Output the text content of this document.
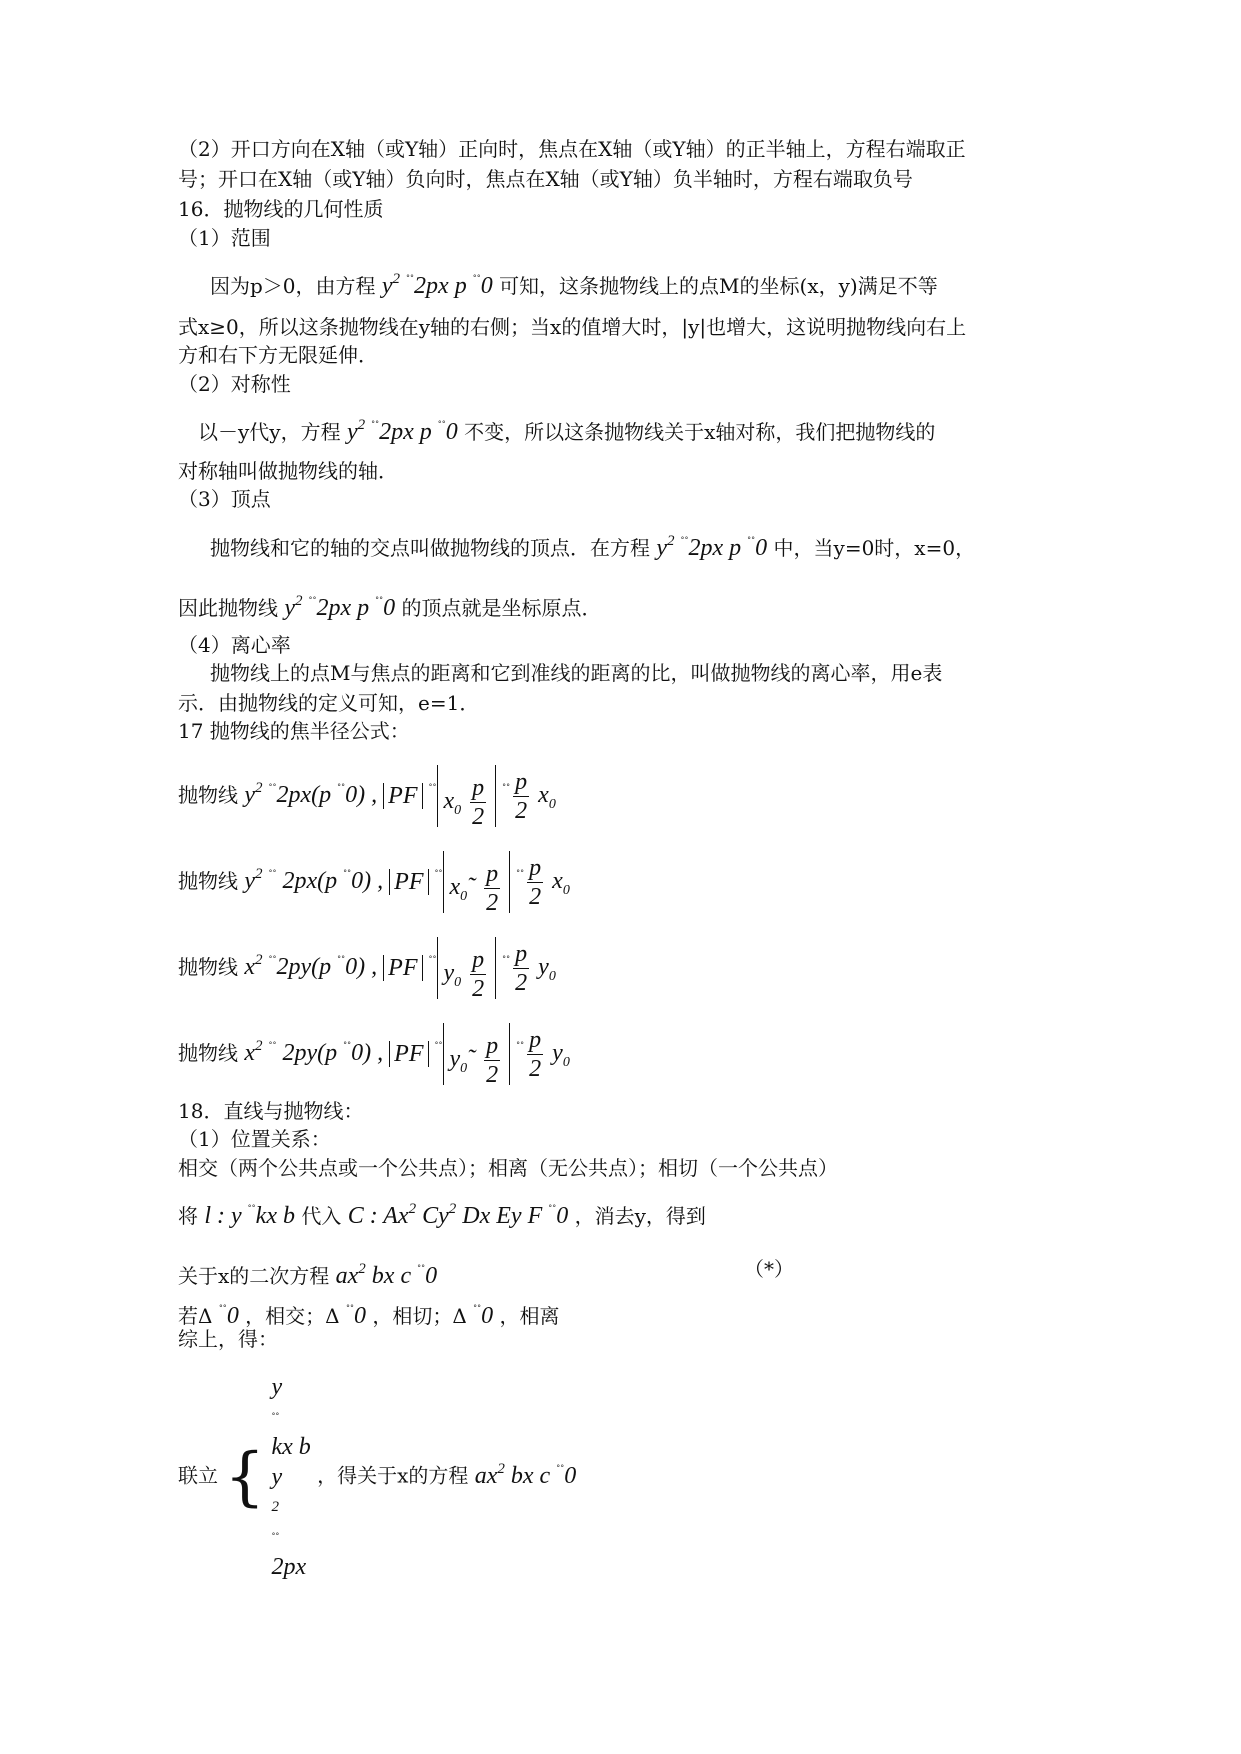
（2）开口方向在X轴（或Y轴）正向时，焦点在X轴（或Y轴）的正半轴上，方程右端取正
号；开口在X轴（或Y轴）负向时，焦点在X轴（或Y轴）负半轴时，方程右端取负号
16．抛物线的几何性质
（1）范围
因为p＞0，由方程 $y^2$ ˚˚2px p ˚˚0 可知，这条抛物线上的点M的坐标(x，y)满足不等
式x≥0，所以这条抛物线在y轴的右侧；当x的值增大时，|y|也增大，这说明抛物线向右上
方和右下方无限延伸．
（2）对称性
以－y代y，方程 $y^2$ ˚˚2px p ˚˚0 不变，所以这条抛物线关于x轴对称，我们把抛物线的
对称轴叫做抛物线的轴．
（3）顶点
抛物线和它的轴的交点叫做抛物线的顶点．在方程 $y^2$ ˚˚2px p ˚˚0 中，当y=0时，x=0，
因此抛物线 $y^2$ ˚˚2px p ˚˚0 的顶点就是坐标原点．
（4）离心率
抛物线上的点M与焦点的距离和它到准线的距离的比，叫做抛物线的离心率，用e表
示．由抛物线的定义可知，e=1．
17 抛物线的焦半径公式：
抛物线 $y^2$ ˚˚2px(p ˚˚0) , PF $^{˚˚}x_0 \frac{p}{2} ^{˚˚} \frac{p}{2} x_0$
抛物线 $y^2$ ˚˚ 2px(p ˚˚0) , PF $^{˚˚}x_0˜ \frac{p}{2} ^{˚˚} \frac{p}{2} x_0$
抛物线 $x^2$ ˚˚2py(p ˚˚0) , PF $^{˚˚}y_0 \frac{p}{2} ^{˚˚} \frac{p}{2} y_0$
抛物线 $x^2$ ˚˚ 2py(p ˚˚0) , PF $^{˚˚}y_0˜ \frac{p}{2} ^{˚˚} \frac{p}{2} y_0$
18．直线与抛物线：
（1）位置关系：
相交（两个公共点或一个公共点）；相离（无公共点）；相切（一个公共点）
将 l : y ˚˚kx b 代入 C : Ax$^2$ Cy$^2$ Dx Ey F ˚˚0 ，消去y，得到
关于x的二次方程 $ax^2$ bx c ˚˚0	（*）
若Δ ˚˚0 ，相交；Δ ˚˚0 ，相切；Δ ˚˚0 ，相离
综上，得：
联立 {
y
˚˚
kx b
y
2
˚˚
2px
，得关于x的方程 $ax^2$ bx c ˚˚0
